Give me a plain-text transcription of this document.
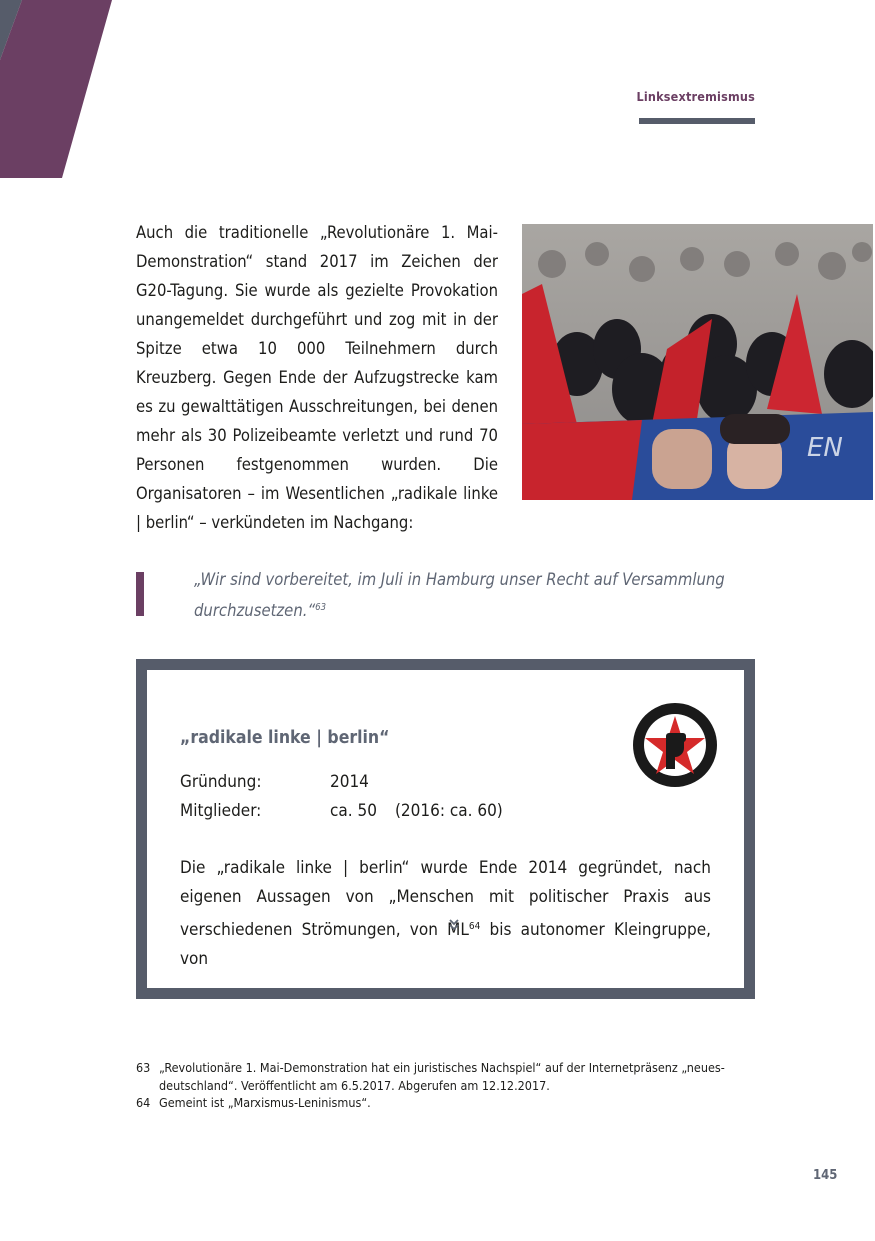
Linksextremismus

Auch die traditionelle „Revolutionäre 1. Mai-Demonstration“ stand 2017 im Zeichen der G20-Tagung. Sie wurde als gezielte Provokation unangemeldet durchgeführt und zog mit in der Spitze etwa 10 000 Teilnehmern durch Kreuzberg. Gegen Ende der Aufzugstrecke kam es zu gewalttätigen Ausschreitungen, bei denen mehr als 30 Polizeibeamte verletzt und rund 70 Personen festgenommen wurden. Die Organisatoren – im Wesentlichen „radikale linke | berlin“ – verkündeten im Nachgang:

EN
„Wir sind vorbereitet, im Juli in Hamburg unser Recht auf Versammlung durchzusetzen.“$^{63}$
„radikale linke | berlin“
Gründung:	2014
Mitglieder:	ca. 50 (2016: ca. 60)
Die „radikale linke | berlin“ wurde Ende 2014 gegründet, nach eigenen Aussagen von „Menschen mit politischer Praxis aus verschiedenen Strömungen, von ML$^{64}$ bis autonomer Kleingruppe, von
63 „Revolutionäre 1. Mai-Demonstration hat ein juristisches Nachspiel“ auf der Internetpräsenz „neues-deutschland“. Veröffentlicht am 6.5.2017. Abgerufen am 12.12.2017.
64 Gemeint ist „Marxismus-Leninismus“.
145
